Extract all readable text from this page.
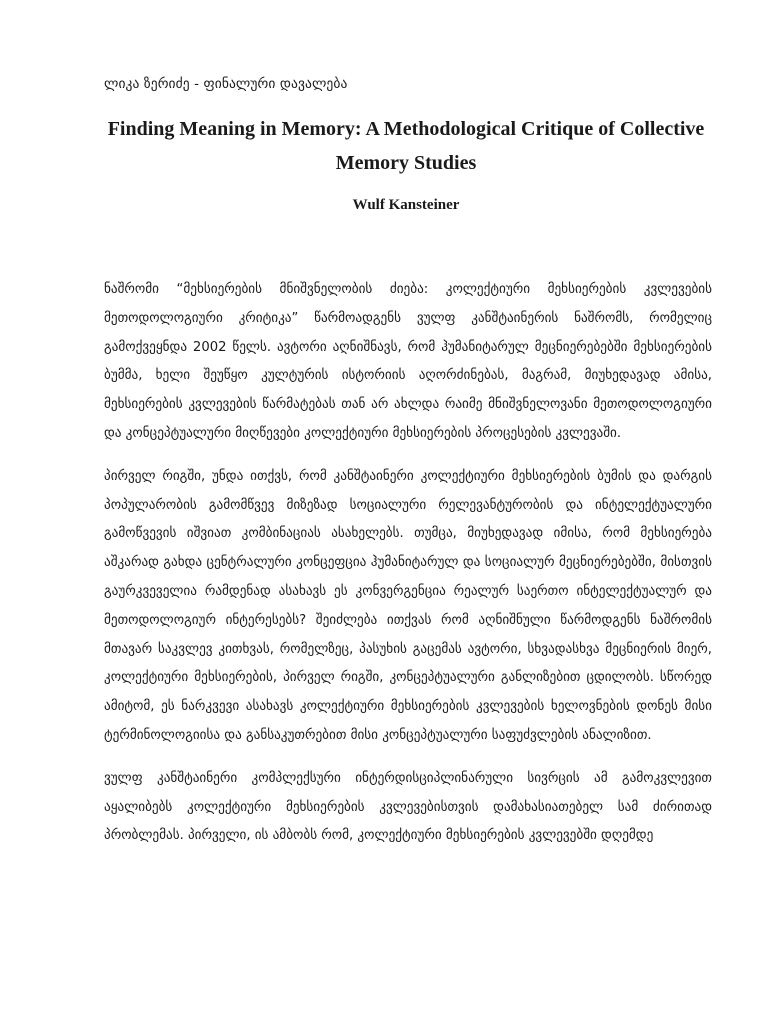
ლიკა ზერიძე - ფინალური დავალება
Finding Meaning in Memory: A Methodological Critique of Collective Memory Studies
Wulf Kansteiner

ნაშრომი “მეხსიერების მნიშვნელობის ძიება: კოლექტიური მეხსიერების კვლევების მეთოდოლოგიური კრიტიკა” წარმოადგენს ვულფ კანშტაინერის ნაშრომს, რომელიც გამოქვეყნდა 2002 წელს. ავტორი აღნიშნავს, რომ ჰუმანიტარულ მეცნიერებებში მეხსიერების ბუმმა, ხელი შეუწყო კულტურის ისტორიის აღორძინებას, მაგრამ, მიუხედავად ამისა, მეხსიერების კვლევების წარმატებას თან არ ახლდა რაიმე მნიშვნელოვანი მეთოდოლოგიური და კონცეპტუალური მიღწევები კოლექტიური მეხსიერების პროცესების კვლევაში.

პირველ რიგში, უნდა ითქვს, რომ კანშტაინერი კოლექტიური მეხსიერების ბუმის და დარგის პოპულარობის გამომწვევ მიზეზად სოციალური რელევანტურობის და ინტელექტუალური გამოწვევის იშვიათ კომბინაციას ასახელებს. თუმცა, მიუხედავად იმისა, რომ მეხსიერება აშკარად გახდა ცენტრალური კონცეფცია ჰუმანიტარულ და სოციალურ მეცნიერებებში, მისთვის გაურკვეველია რამდენად ასახავს ეს კონვერგენცია რეალურ საერთო ინტელექტუალურ და მეთოდოლოგიურ ინტერესებს? შეიძლება ითქვას რომ აღნიშნული წარმოდგენს ნაშრომის მთავარ საკვლევ კითხვას, რომელზეც, პასუხის გაცემას ავტორი, სხვადასხვა მეცნიერის მიერ, კოლექტიური მეხსიერების, პირველ რიგში, კონცეპტუალური განლიზებით ცდილობს. სწორედ ამიტომ, ეს ნარკვევი ასახავს კოლექტიური მეხსიერების კვლევების ხელოვნების დონეს მისი ტერმინოლოგიისა და განსაკუთრებით მისი კონცეპტუალური საფუძვლების ანალიზით.

ვულფ კანშტაინერი კომპლექსური ინტერდისციპლინარული სივრცის ამ გამოკვლევით აყალიბებს კოლექტიური მეხსიერების კვლევებისთვის დამახასიათებელ სამ ძირითად პრობლემას. პირველი, ის ამბობს რომ, კოლექტიური მეხსიერების კვლევებში დღემდე
